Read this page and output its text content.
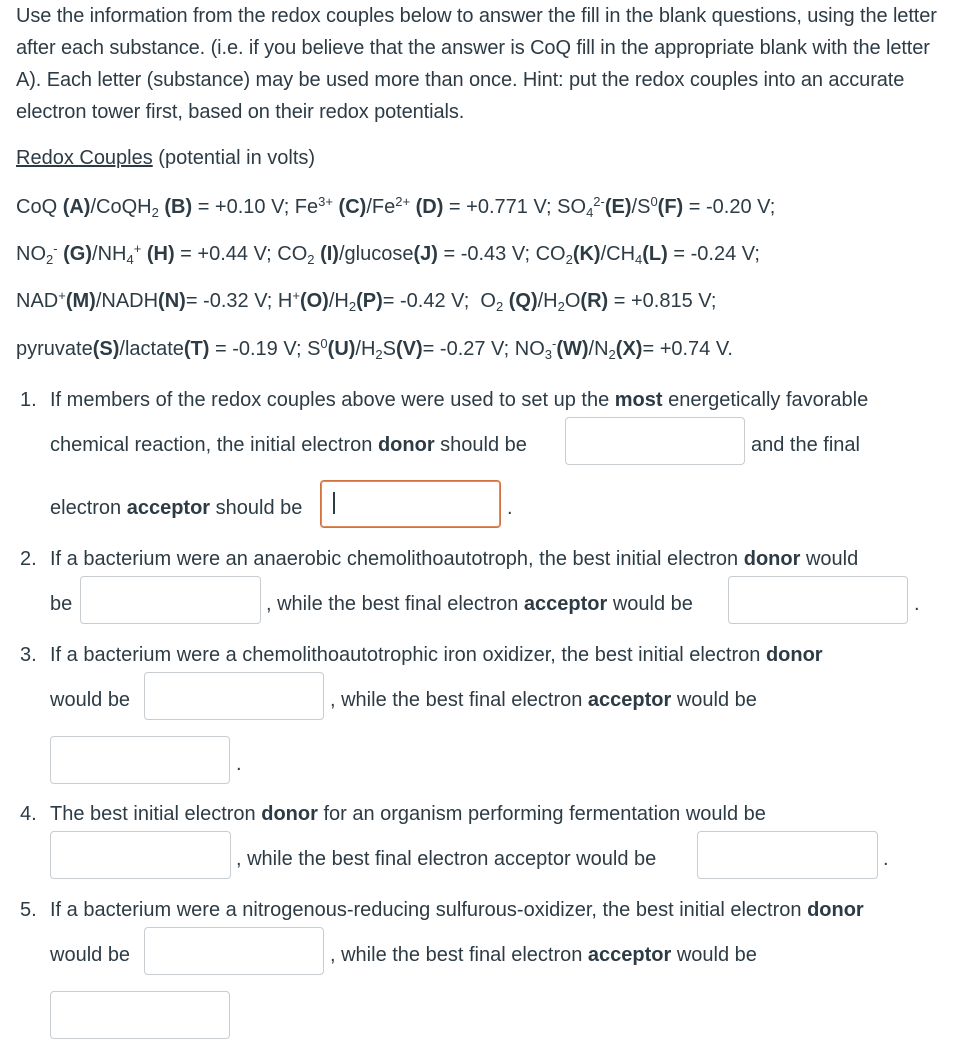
Use the information from the redox couples below to answer the fill in the blank questions, using the letter after each substance. (i.e. if you believe that the answer is CoQ fill in the appropriate blank with the letter A). Each letter (substance) may be used more than once. Hint: put the redox couples into an accurate electron tower first, based on their redox potentials.
Redox Couples (potential in volts)
CoQ (A)/CoQH$_2$ (B) = +0.10 V; $Fe^{3+}$ $(C)/Fe^{2+}$ (D) = +0.771 V; $SO_4^{2-}(E)/S^0(F) = -0.20$ V;
$NO_2^-$ $(G)/NH_4^+$ (H) = +0.44 V; $CO_2$ (I)/glucose(J) = -0.43 V; $CO_2(K)/CH_4(L) = -0.24$ V;
NAD+(M)/NADH(N)= -0.32 V; $H^+(O)/H_2(P)= -0.42$ V;  $O_2$ $(Q)/H_2O(R) = +0.815$ V;
pyruvate(S)/lactate(T) = -0.19 V; $S^0(U)/H_2S(V)= -0.27$ V; $NO_3^-(W)/N_2(X)= +0.74$ V.
1. If members of the redox couples above were used to set up the most energetically favorable
chemical reaction, the initial electron donor should be	and the final
electron acceptor should be	.
2. If a bacterium were an anaerobic chemolithoautotroph, the best initial electron donor would
be	, while the best final electron acceptor would be	.
3. If a bacterium were a chemolithoautotrophic iron oxidizer, the best initial electron donor
would be	, while the best final electron acceptor would be
.
4. The best initial electron donor for an organism performing fermentation would be
, while the best final electron acceptor would be	.
5. If a bacterium were a nitrogenous-reducing sulfurous-oxidizer, the best initial electron donor
would be	, while the best final electron acceptor would be
